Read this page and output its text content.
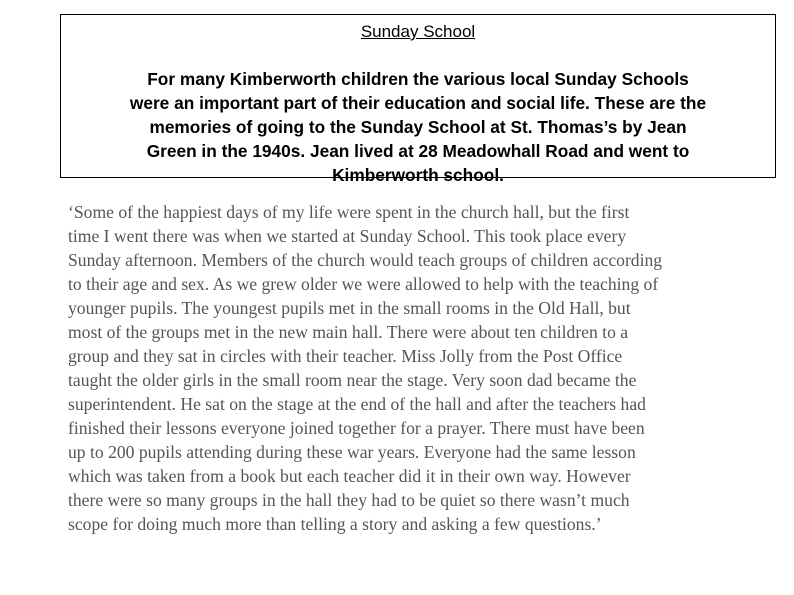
Sunday School
For many Kimberworth children the various local Sunday Schools
were an important part of their education and social life. These are the
memories of going to the Sunday School at St. Thomas’s by Jean
Green in the 1940s. Jean lived at 28 Meadowhall Road and went to
Kimberworth school.
‘Some of the happiest days of my life were spent in the church hall, but the first
time I went there was when we started at Sunday School. This took place every
Sunday afternoon. Members of the church would teach groups of children according
to their age and sex. As we grew older we were allowed to help with the teaching of
younger pupils. The youngest pupils met in the small rooms in the Old Hall, but
most of the groups met in the new main hall. There were about ten children to a
group and they sat in circles with their teacher. Miss Jolly from the Post Office
taught the older girls in the small room near the stage. Very soon dad became the
superintendent. He sat on the stage at the end of the hall and after the teachers had
finished their lessons everyone joined together for a prayer. There must have been
up to 200 pupils attending during these war years. Everyone had the same lesson
which was taken from a book but each teacher did it in their own way. However
there were so many groups in the hall they had to be quiet so there wasn’t much
scope for doing much more than telling a story and asking a few questions.’
